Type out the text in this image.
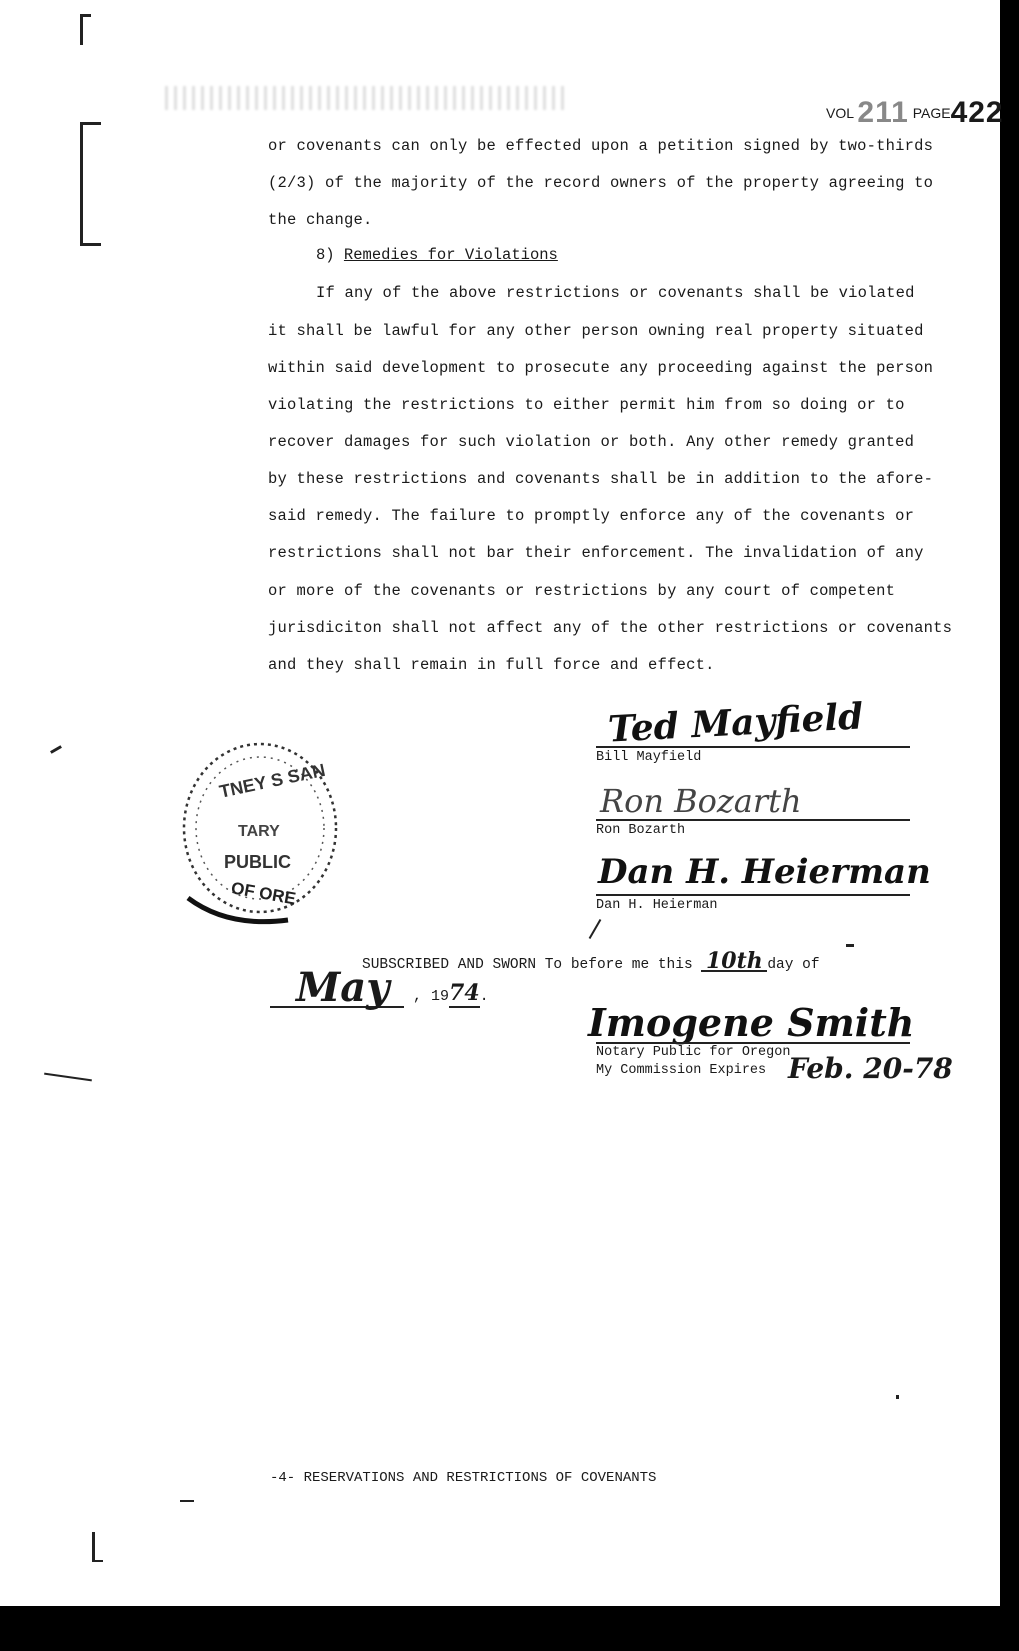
VOL 211 PAGE422
or covenants can only be effected upon a petition signed by two-thirds
(2/3) of the majority of the record owners of the property agreeing to
the change.
8) Remedies for Violations
If any of the above restrictions or covenants shall be violated
it shall be lawful for any other person owning real property situated
within said development to prosecute any proceeding against the person
violating the restrictions to either permit him from so doing or to
recover damages for such violation or both. Any other remedy granted
by these restrictions and covenants shall be in addition to the afore-
said remedy. The failure to promptly enforce any of the covenants or
restrictions shall not bar their enforcement. The invalidation of any
or more of the covenants or restrictions by any court of competent
jurisdiciton shall not affect any of the other restrictions or covenants
and they shall remain in full force and effect.
Ted Mayfield
Bill Mayfield
Ron Bozarth
Ron Bozarth
Dan H. Heierman
Dan H. Heierman
TNEY S SAN
TARY
PUBLIC
OF ORE
SUBSCRIBED AND SWORN To before me this 10th day of
May , 1974.
Imogene Smith
Notary Public for Oregon
My Commission Expires Feb. 20-78
-4- RESERVATIONS AND RESTRICTIONS OF COVENANTS
